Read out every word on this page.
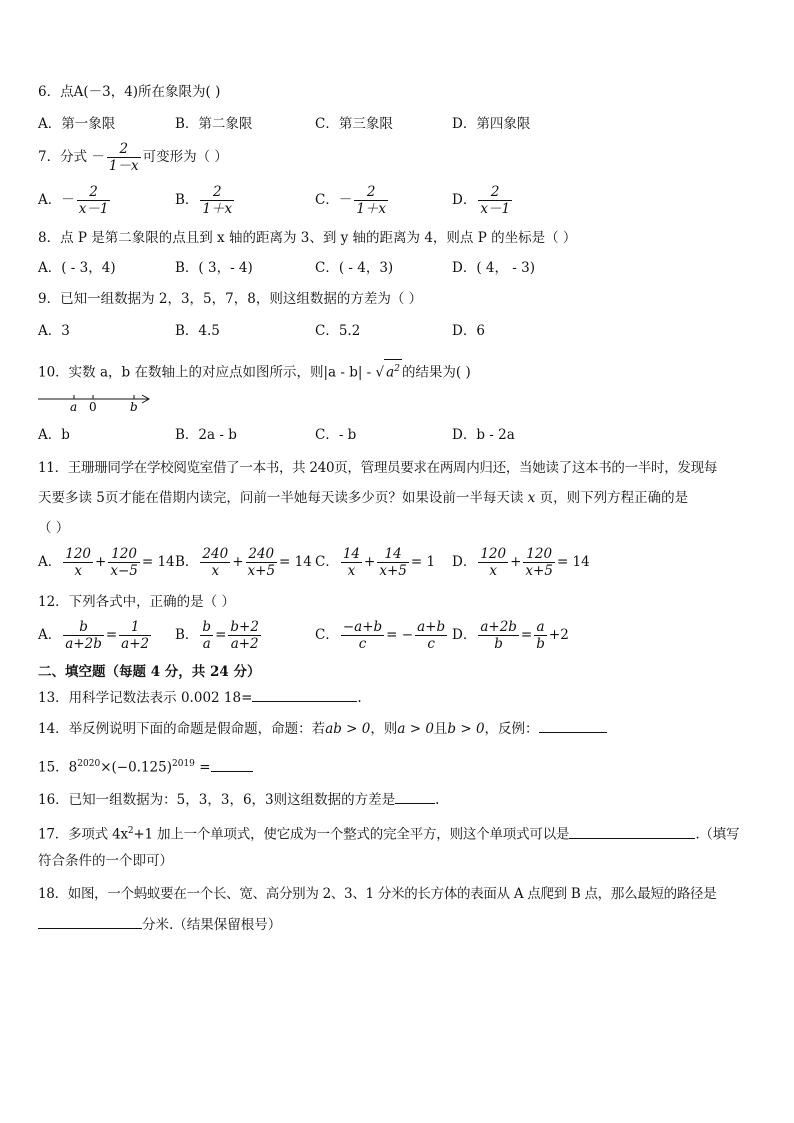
6．点A(－3，4)所在象限为( )
A．第一象限	B．第二象限	C．第三象限	D．第四象限
7．分式 － $\frac{2}{1-x}$ 可变形为（ ）
A．－ $\frac{2}{x-1}$	B． $\frac{2}{1+x}$	C．－ $\frac{2}{1+x}$	D． $\frac{2}{x-1}$
8．点 P 是第二象限的点且到 x 轴的距离为 3、到 y 轴的距离为 4，则点 P 的坐标是（ ）
A．( - 3，4)	B．( 3，- 4)	C．( - 4，3)	D．( 4， - 3)
9．已知一组数据为 2，3，5，7，8，则这组数据的方差为（ ）
A．3	B．4.5	C．5.2	D．6
10．实数 a，b 在数轴上的对应点如图所示，则|a - b| - √ $a^2$ 的结果为( )
a 0	b
A．b	B．2a - b	C．- b	D．b - 2a
11．王珊珊同学在学校阅览室借了一本书，共 240页，管理员要求在两周内归还，当她读了这本书的一半时，发现每
天要多读 5页才能在借期内读完，问前一半她每天读多少页？如果设前一半每天读 x 页，则下列方程正确的是
（ ）
A． $\frac{120}{x} + \frac{120}{x-5} = 14$ B． $\frac{240}{x} + \frac{240}{x+5} = 14$ C． $\frac{14}{x} + \frac{14}{x+5} = 1$ D． $\frac{120}{x} + \frac{120}{x+5} = 14$
12．下列各式中，正确的是（ ）
A． $\frac{b}{a+2b} = \frac{1}{a+2}$ B． $\frac{b}{a} = \frac{b+2}{a+2}$	C． $\frac{-a+b}{c}$ = − $\frac{a+b}{c}$ D． $\frac{a+2b}{b} = \frac{a}{b} +2$
二、填空题（每题 4 分，共 24 分）
13．用科学记数法表示 0.002 18=	.
14．举反例说明下面的命题是假命题，命题：若ab > 0，则a > 0且b > 0，反例：
15．$8^{2020}\times(-0.125)^{2019}$ =
16．已知一组数据为：5，3，3，6，3则这组数据的方差是	.
17．多项式 $4x^2+1$ 加上一个单项式，使它成为一个整式的完全平方，则这个单项式可以是	.（填写
符合条件的一个即可）
18．如图，一个蚂蚁要在一个长、宽、高分别为 2、3、1 分米的长方体的表面从 A 点爬到 B 点，那么最短的路径是
分米.（结果保留根号）
